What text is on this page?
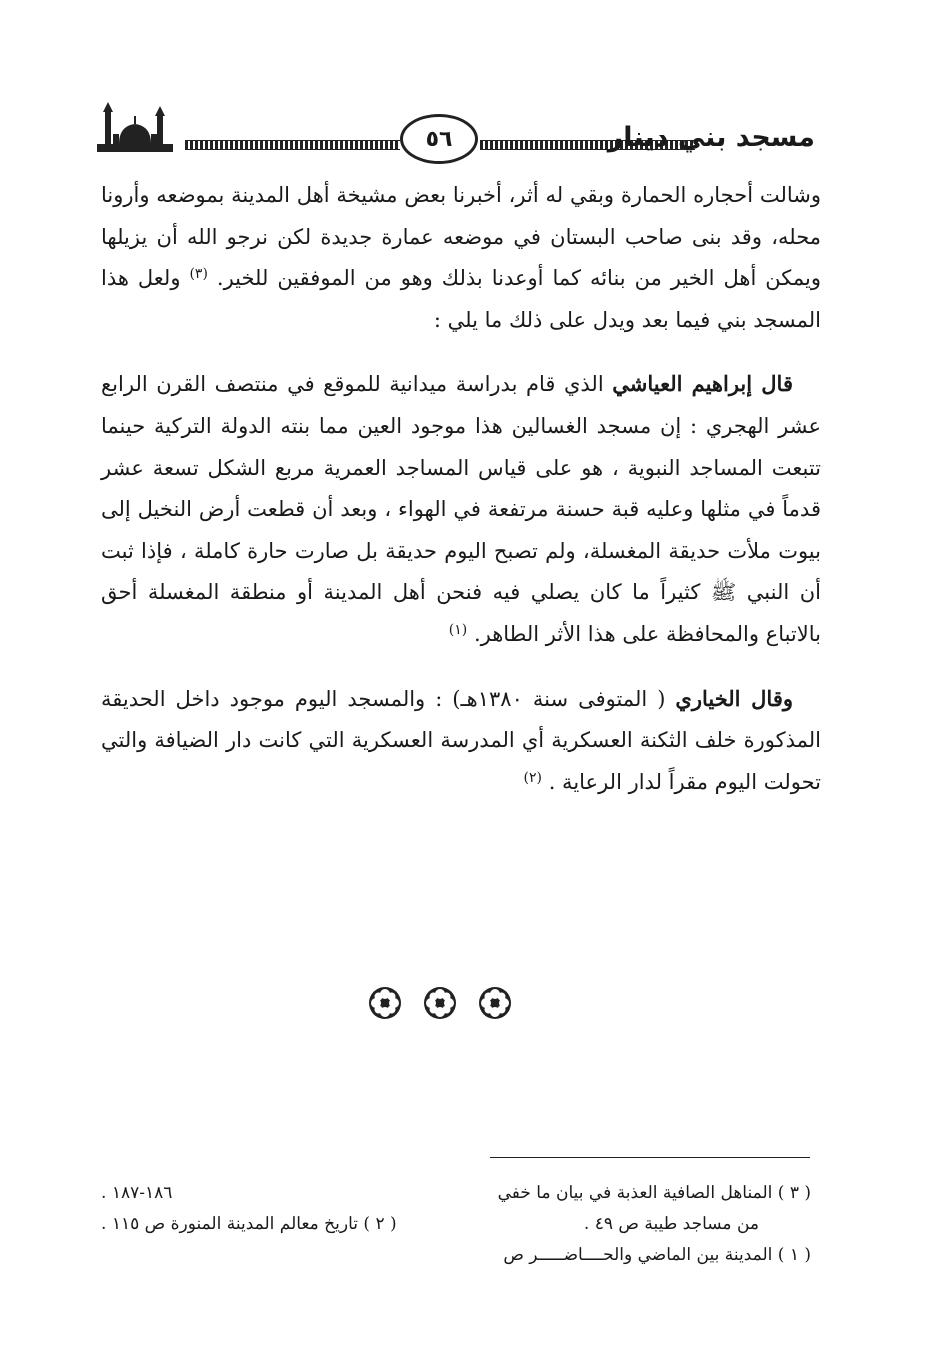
٥٦	مسجد بني دينار

وشالت أحجاره الحمارة وبقي له أثر، أخبرنا بعض مشيخة أهل المدينة بموضعه وأرونا محله، وقد بنى صاحب البستان في موضعه عمارة جديدة لكن نرجو الله أن يزيلها ويمكن أهل الخير من بنائه كما أوعدنا بذلك وهو من الموفقين للخير. $^{(٣)}$ ولعل هذا المسجد بني فيما بعد ويدل على ذلك ما يلي :

قال إبراهيم العياشي الذي قام بدراسة ميدانية للموقع في منتصف القرن الرابع عشر الهجري : إن مسجد الغسالين هذا موجود العين مما بنته الدولة التركية حينما تتبعت المساجد النبوية ، هو على قياس المساجد العمرية مربع الشكل تسعة عشر قدماً في مثلها وعليه قبة حسنة مرتفعة في الهواء ، وبعد أن قطعت أرض النخيل إلى بيوت ملأت حديقة المغسلة، ولم تصبح اليوم حديقة بل صارت حارة كاملة ، فإذا ثبت أن النبي ﷺ كثيراً ما كان يصلي فيه فنحن أهل المدينة أو منطقة المغسلة أحق بالاتباع والمحافظة على هذا الأثر الطاهر. $^{(١)}$

وقال الخياري ( المتوفى سنة ١٣٨٠هـ) : والمسجد اليوم موجود داخل الحديقة المذكورة خلف الثكنة العسكرية أي المدرسة العسكرية التي كانت دار الضيافة والتي تحولت اليوم مقراً لدار الرعاية . $^{(٢)}$

( ٣ ) المناهل الصافية العذبة في بيان ما خفي
١٨٦-١٨٧ .
من مساجد طيبة ص ٤٩ .
( ٢ ) تاريخ معالم المدينة المنورة ص ١١٥ .
( ١ ) المدينة بين الماضي والحــــاضـــــر ص
